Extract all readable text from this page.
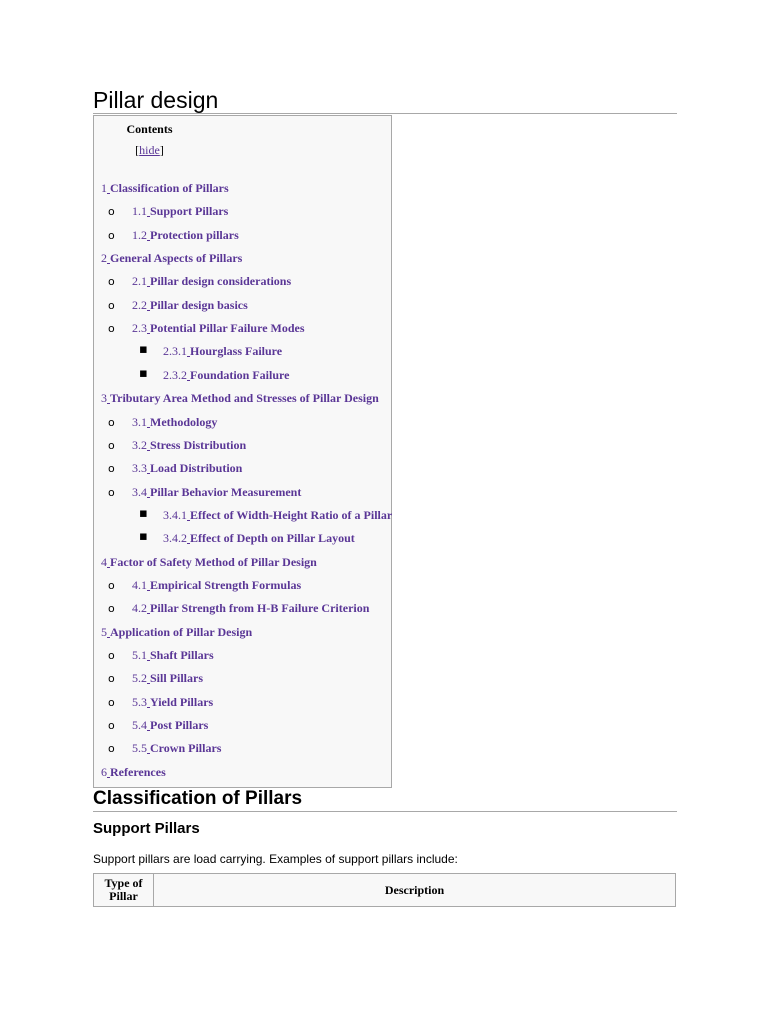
Pillar design
Contents
[hide]
1 Classification of Pillars
o 1.1 Support Pillars
o 1.2 Protection pillars
2 General Aspects of Pillars
o 2.1 Pillar design considerations
o 2.2 Pillar design basics
o 2.3 Potential Pillar Failure Modes
▪ 2.3.1 Hourglass Failure
▪ 2.3.2 Foundation Failure
3 Tributary Area Method and Stresses of Pillar Design
o 3.1 Methodology
o 3.2 Stress Distribution
o 3.3 Load Distribution
o 3.4 Pillar Behavior Measurement
▪ 3.4.1 Effect of Width-Height Ratio of a Pillar
▪ 3.4.2 Effect of Depth on Pillar Layout
4 Factor of Safety Method of Pillar Design
o 4.1 Empirical Strength Formulas
o 4.2 Pillar Strength from H-B Failure Criterion
5 Application of Pillar Design
o 5.1 Shaft Pillars
o 5.2 Sill Pillars
o 5.3 Yield Pillars
o 5.4 Post Pillars
o 5.5 Crown Pillars
6 References
Classification of Pillars
Support Pillars

Support pillars are load carrying. Examples of support pillars include:

Type of Pillar	Description
